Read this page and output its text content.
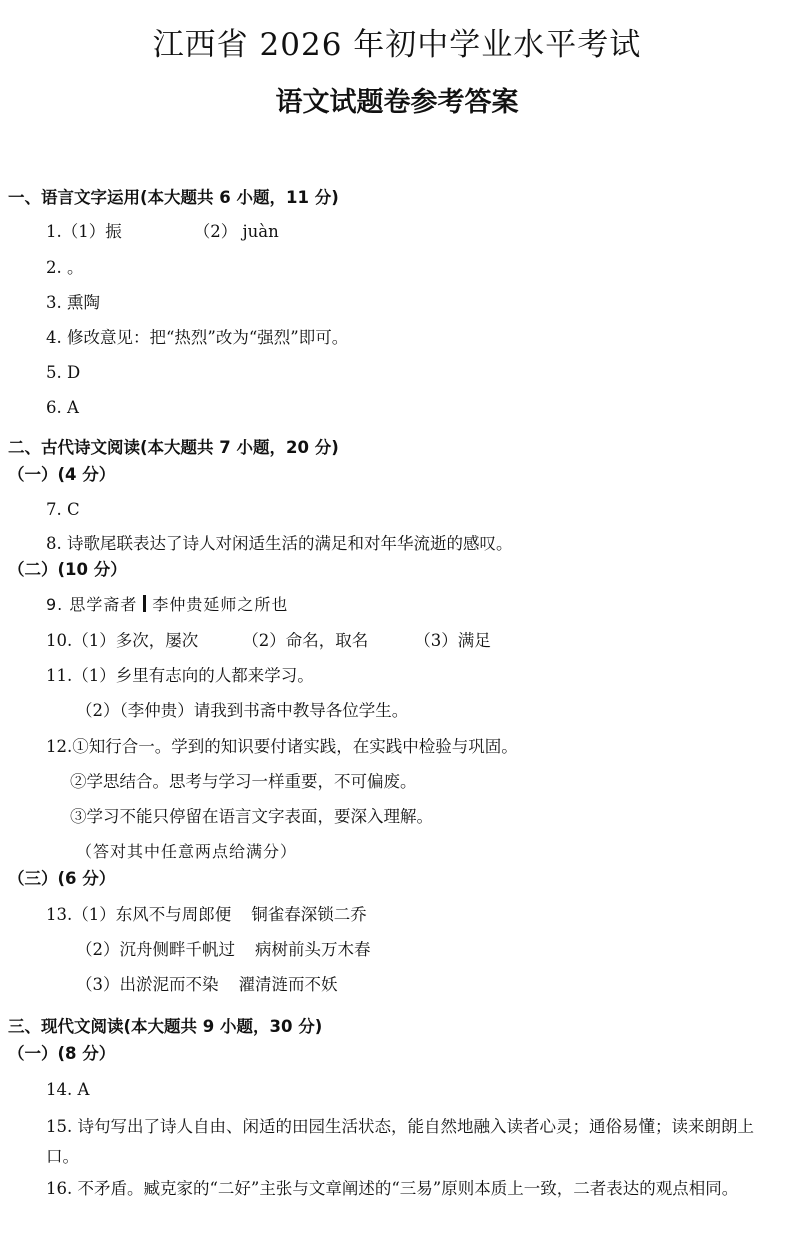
江西省 2026 年初中学业水平考试
语文试题卷参考答案
一、语言文字运用(本大题共 6 小题，11 分)
1.（1）振	（2） juàn
2. 。
3. 熏陶
4. 修改意见：把“热烈”改为“强烈”即可。
5. D
6. A
二、古代诗文阅读(本大题共 7 小题，20 分)
（一）(4 分）
7. C
8. 诗歌尾联表达了诗人对闲适生活的满足和对年华流逝的感叹。
（二）(10 分）
9. 思学斋者 李仲贵延师之所也
10.（1）多次，屡次	（2）命名，取名	（3）满足
11.（1）乡里有志向的人都来学习。
（2）（李仲贵）请我到书斋中教导各位学生。
12.①知行合一。学到的知识要付诸实践，在实践中检验与巩固。
②学思结合。思考与学习一样重要，不可偏废。
③学习不能只停留在语言文字表面，要深入理解。
（答对其中任意两点给满分）
（三）(6 分）
13.（1）东风不与周郎便 铜雀春深锁二乔
（2）沉舟侧畔千帆过 病树前头万木春
（3）出淤泥而不染 濯清涟而不妖
三、现代文阅读(本大题共 9 小题，30 分)
（一）(8 分）
14. A
15. 诗句写出了诗人自由、闲适的田园生活状态，能自然地融入读者心灵；通俗易懂；读来朗朗上口。
16. 不矛盾。臧克家的“二好”主张与文章阐述的“三易”原则本质上一致，二者表达的观点相同。
